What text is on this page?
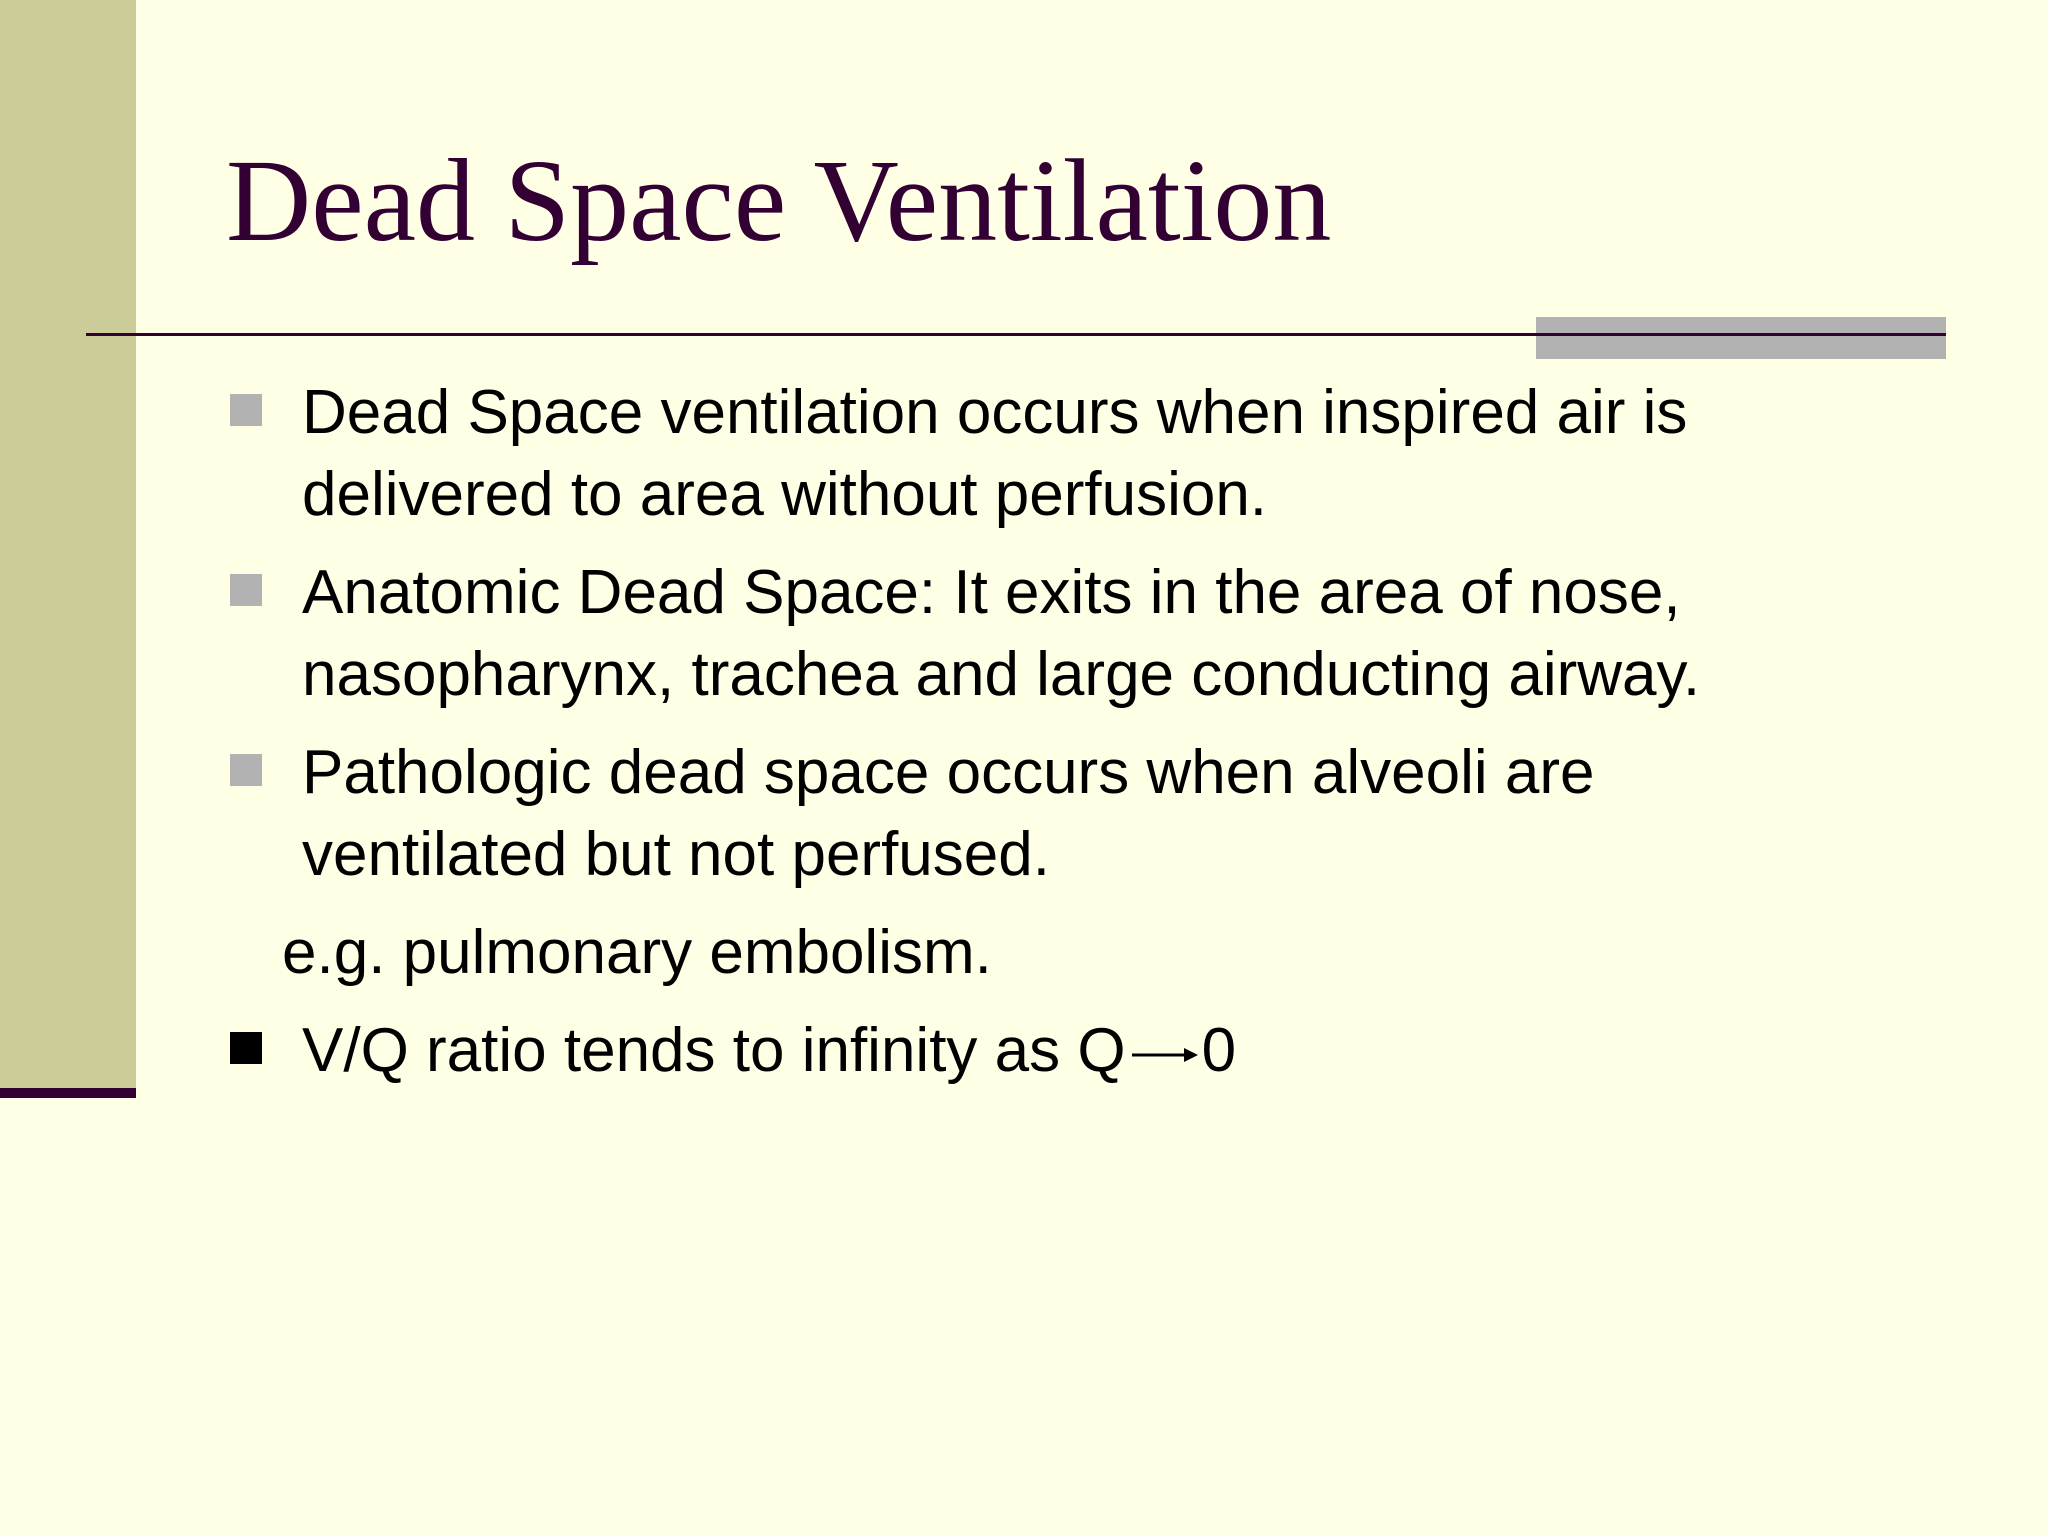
Dead Space Ventilation
Dead Space ventilation occurs when inspired air is
delivered to area without perfusion.
Anatomic Dead Space: It exits in the area of nose,
nasopharynx, trachea and large conducting airway.
Pathologic dead space occurs when alveoli are
ventilated but not perfused.
e.g. pulmonary embolism.
V/Q ratio tends to infinity as Q 0
